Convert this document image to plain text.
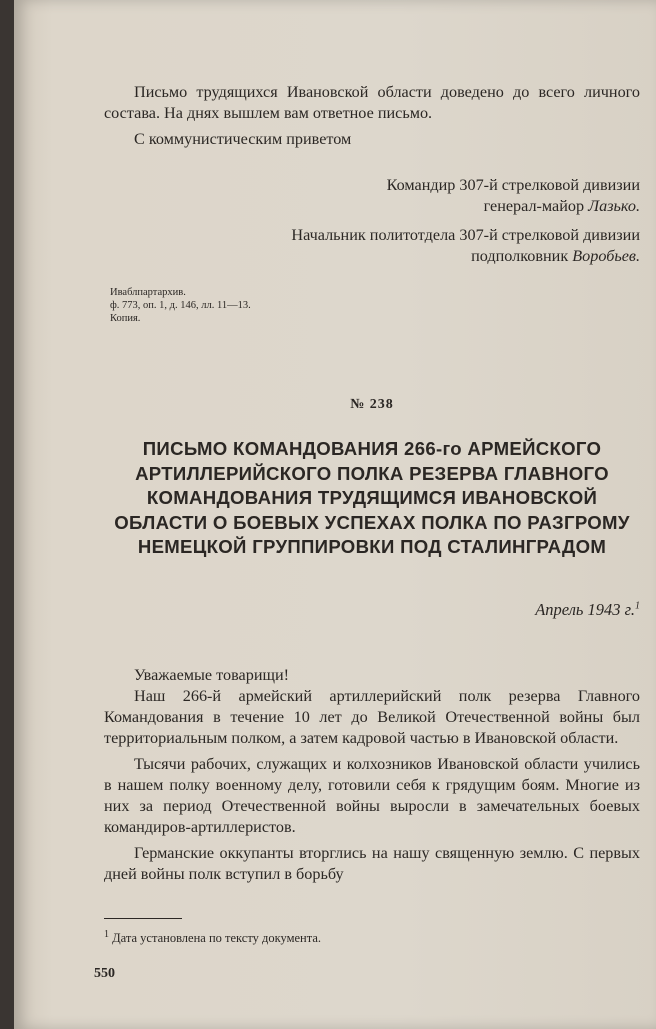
Письмо трудящихся Ивановской области доведено до всего личного состава. На днях вышлем вам ответное письмо.

С коммунистическим приветом

Командир 307-й стрелковой дивизии

генерал-майор Лазько.

Начальник политотдела 307-й стрелковой дивизии

подполковник Воробьев.

Иваблпартархив.

ф. 773, оп. 1, д. 146, лл. 11—13.

Копия.

№ 238

ПИСЬМО КОМАНДОВАНИЯ 266-го АРМЕЙСКОГО АРТИЛЛЕРИЙСКОГО ПОЛКА РЕЗЕРВА ГЛАВНОГО КОМАНДОВАНИЯ ТРУДЯЩИМСЯ ИВАНОВСКОЙ ОБЛАСТИ О БОЕВЫХ УСПЕХАХ ПОЛКА ПО РАЗГРОМУ НЕМЕЦКОЙ ГРУППИРОВКИ ПОД СТАЛИНГРАДОМ

Апрель 1943 г.$^1$

Уважаемые товарищи!

Наш 266-й армейский артиллерийский полк резерва Главного Командования в течение 10 лет до Великой Отечественной войны был территориальным полком, а затем кадровой частью в Ивановской области.

Тысячи рабочих, служащих и колхозников Ивановской области учились в нашем полку военному делу, готовили себя к грядущим боям. Многие из них за период Отечественной войны выросли в замечательных боевых командиров-артиллеристов.

Германские оккупанты вторглись на нашу священную землю. С первых дней войны полк вступил в борьбу

$^1$ Дата установлена по тексту документа.
550
